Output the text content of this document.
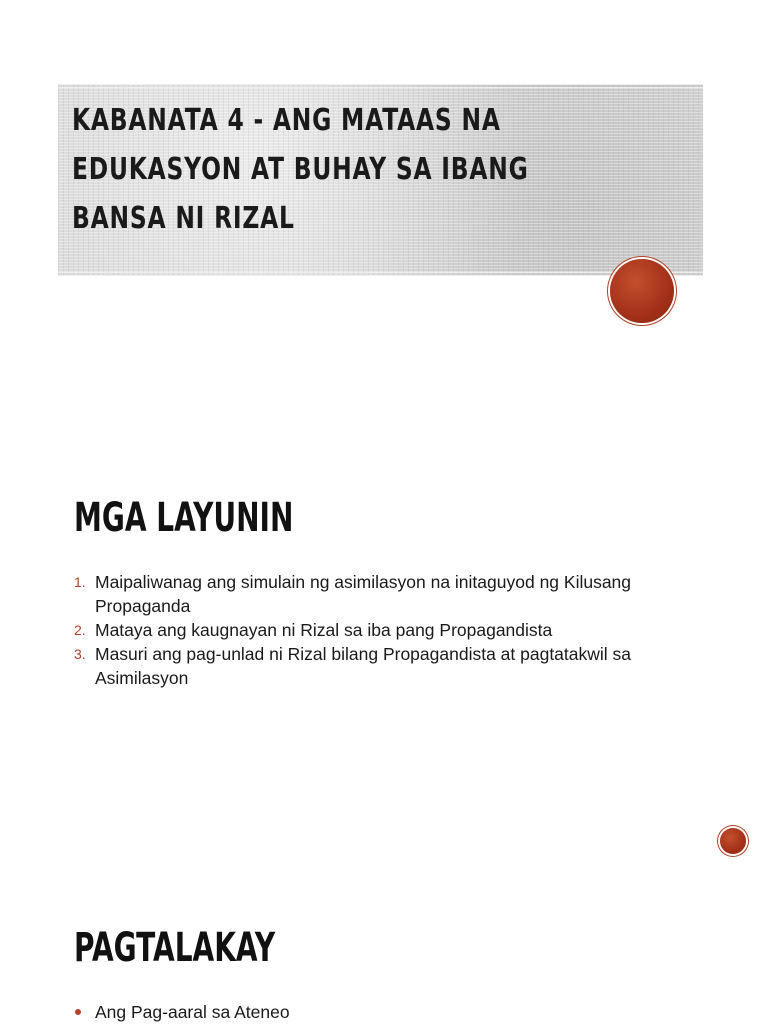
KABANATA 4 - ANG MATAAS NA EDUKASYON AT BUHAY SA IBANG BANSA NI RIZAL
MGA LAYUNIN
1. Maipaliwanag ang simulain ng asimilasyon na initaguyod ng Kilusang Propaganda
2. Mataya ang kaugnayan ni Rizal sa iba pang Propagandista
3. Masuri ang pag-unlad ni Rizal bilang Propagandista at pagtatakwil sa Asimilasyon
PAGTALAKAY
Ang Pag-aaral sa Ateneo
